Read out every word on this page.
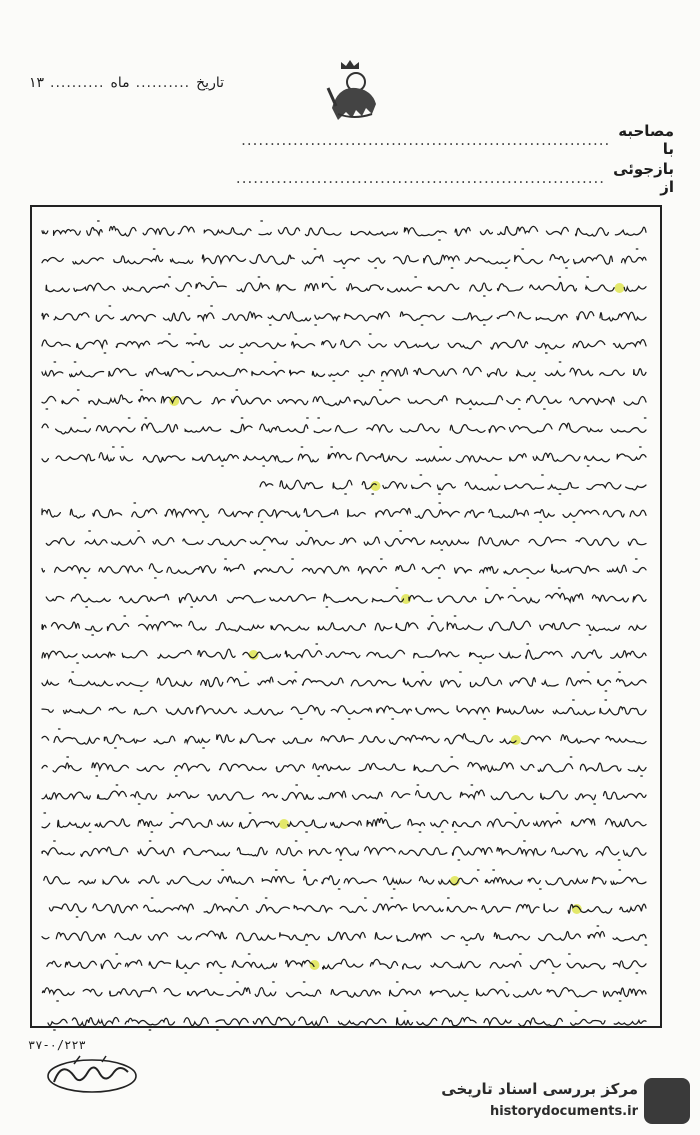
تاریخ
..........
ماه
..........
۱۳
مصاحبه با
................................................................
بازجوئی از
................................................................
۳۷-۰/۲۲۳
مرکز بررسی اسناد تاریخی
historydocuments.ir
